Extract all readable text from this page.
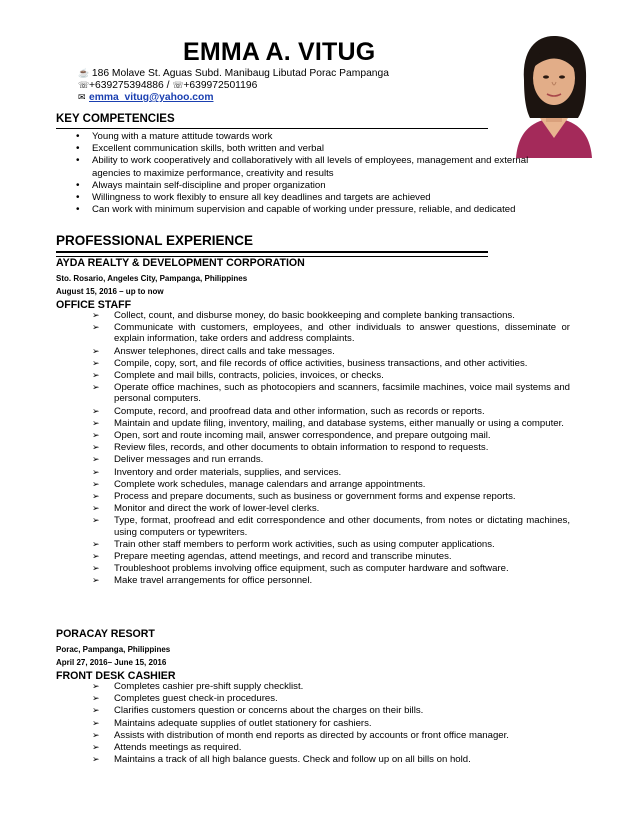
EMMA A. VITUG
☕ 186 Molave St. Aguas Subd. Manibaug Libutad Porac Pampanga
☏+639275394886 / ☏+639972501196
✉ emma_vitug@yahoo.com
KEY COMPETENCIES
• Young with a mature attitude towards work
• Excellent communication skills, both written and verbal
• Ability to work cooperatively and collaboratively with all levels of employees, management and external agencies to maximize performance, creativity and results
• Always maintain self-discipline and proper organization
• Willingness to work flexibly to ensure all key deadlines and targets are achieved
• Can work with minimum supervision and capable of working under pressure, reliable, and dedicated
PROFESSIONAL EXPERIENCE
AYDA REALTY & DEVELOPMENT CORPORATION
Sto. Rosario, Angeles City, Pampanga, Philippines
August 15, 2016 – up to now
OFFICE STAFF
➢ Collect, count, and disburse money, do basic bookkeeping and complete banking transactions.
➢ Communicate with customers, employees, and other individuals to answer questions, disseminate or explain information, take orders and address complaints.
➢ Answer telephones, direct calls and take messages.
➢ Compile, copy, sort, and file records of office activities, business transactions, and other activities.
➢ Complete and mail bills, contracts, policies, invoices, or checks.
➢ Operate office machines, such as photocopiers and scanners, facsimile machines, voice mail systems and personal computers.
➢ Compute, record, and proofread data and other information, such as records or reports.
➢ Maintain and update filing, inventory, mailing, and database systems, either manually or using a computer.
➢ Open, sort and route incoming mail, answer correspondence, and prepare outgoing mail.
➢ Review files, records, and other documents to obtain information to respond to requests.
➢ Deliver messages and run errands.
➢ Inventory and order materials, supplies, and services.
➢ Complete work schedules, manage calendars and arrange appointments.
➢ Process and prepare documents, such as business or government forms and expense reports.
➢ Monitor and direct the work of lower-level clerks.
➢ Type, format, proofread and edit correspondence and other documents, from notes or dictating machines, using computers or typewriters.
➢ Train other staff members to perform work activities, such as using computer applications.
➢ Prepare meeting agendas, attend meetings, and record and transcribe minutes.
➢ Troubleshoot problems involving office equipment, such as computer hardware and software.
➢ Make travel arrangements for office personnel.
PORACAY RESORT
Porac, Pampanga, Philippines
April 27, 2016– June 15, 2016
FRONT DESK CASHIER
➢ Completes cashier pre-shift supply checklist.
➢ Completes guest check-in procedures.
➢ Clarifies customers question or concerns about the charges on their bills.
➢ Maintains adequate supplies of outlet stationery for cashiers.
➢ Assists with distribution of month end reports as directed by accounts or front office manager.
➢ Attends meetings as required.
➢ Maintains a track of all high balance guests. Check and follow up on all bills on hold.
